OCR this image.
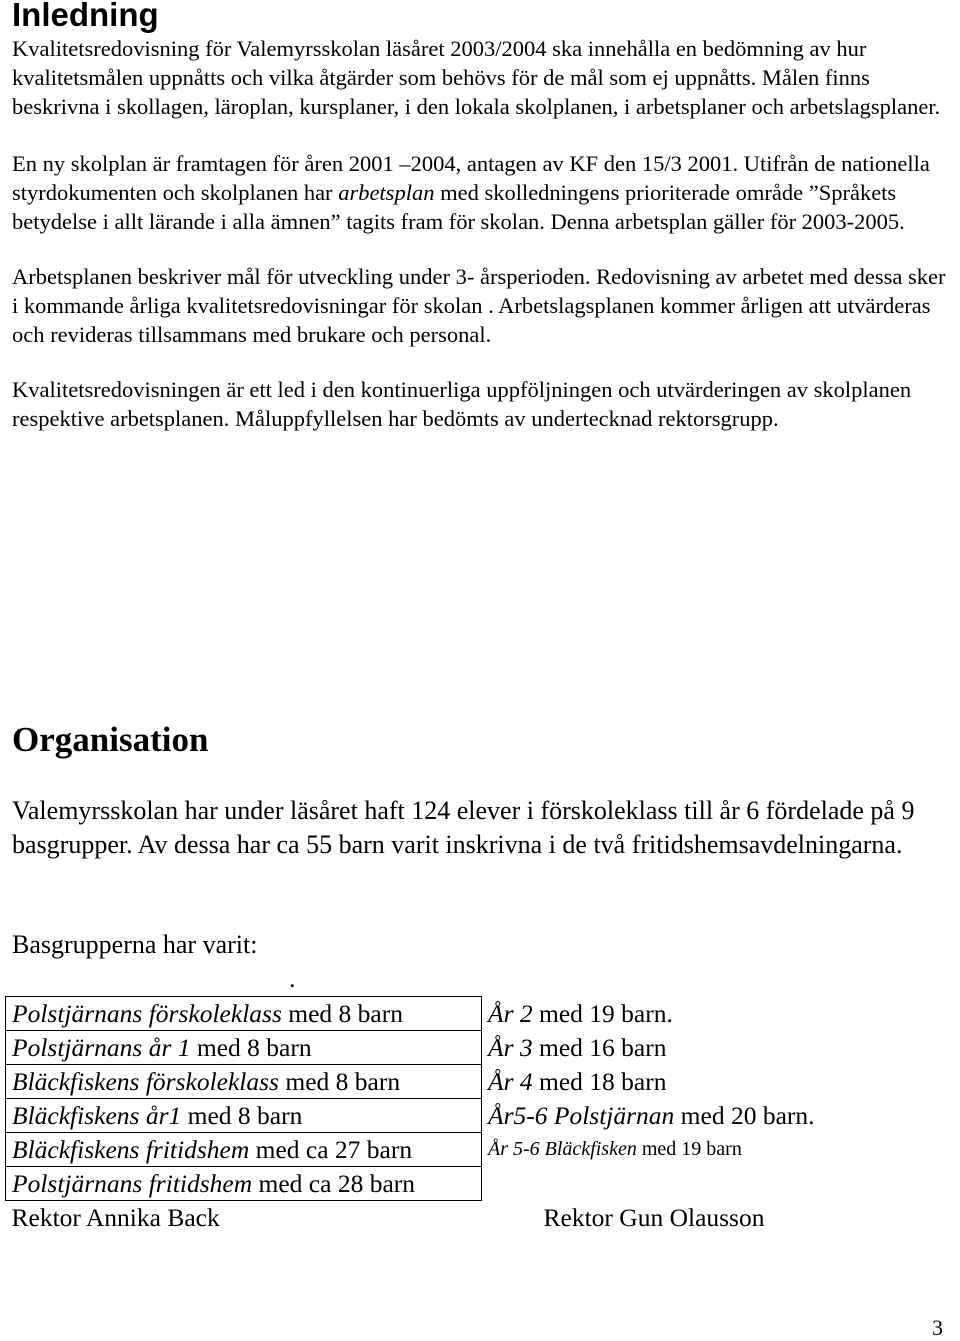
Inledning

Kvalitetsredovisning för Valemyrsskolan läsåret 2003/2004 ska innehålla en bedömning av hur kvalitetsmålen uppnåtts och vilka åtgärder som behövs för de mål som ej uppnåtts. Målen finns beskrivna i skollagen, läroplan, kursplaner, i den lokala skolplanen, i arbetsplaner och arbetslagsplaner.

En ny skolplan är framtagen för åren 2001 –2004, antagen av KF den 15/3 2001. Utifrån de nationella styrdokumenten och skolplanen har arbetsplan med skolledningens prioriterade område ”Språkets betydelse i allt lärande i alla ämnen” tagits fram för skolan. Denna arbetsplan gäller för 2003-2005.

Arbetsplanen beskriver mål för utveckling under 3- årsperioden. Redovisning av arbetet med dessa sker i kommande årliga kvalitetsredovisningar för skolan . Arbetslagsplanen kommer årligen att utvärderas och revideras tillsammans med brukare och personal.

Kvalitetsredovisningen är ett led i den kontinuerliga uppföljningen och utvärderingen av skolplanen respektive arbetsplanen. Måluppfyllelsen har bedömts av undertecknad rektorsgrupp.

Organisation

Valemyrsskolan har under läsåret haft 124 elever i förskoleklass till år 6 fördelade på 9 basgrupper. Av dessa har ca 55 barn varit inskrivna i de två fritidshemsavdelningarna.

Basgrupperna har varit:
.
Polstjärnans förskoleklass med 8 barn	År 2 med 19 barn.
Polstjärnans år 1 med 8 barn	År 3 med 16 barn
Bläckfiskens förskoleklass med 8 barn	År 4 med 18 barn
Bläckfiskens år1 med 8 barn	År5-6 Polstjärnan med 20 barn.
Bläckfiskens fritidshem med ca 27 barn	År 5-6 Bläckfisken med 19 barn
Polstjärnans fritidshem med ca 28 barn	
Rektor Annika Back	Rektor Gun Olausson
3
